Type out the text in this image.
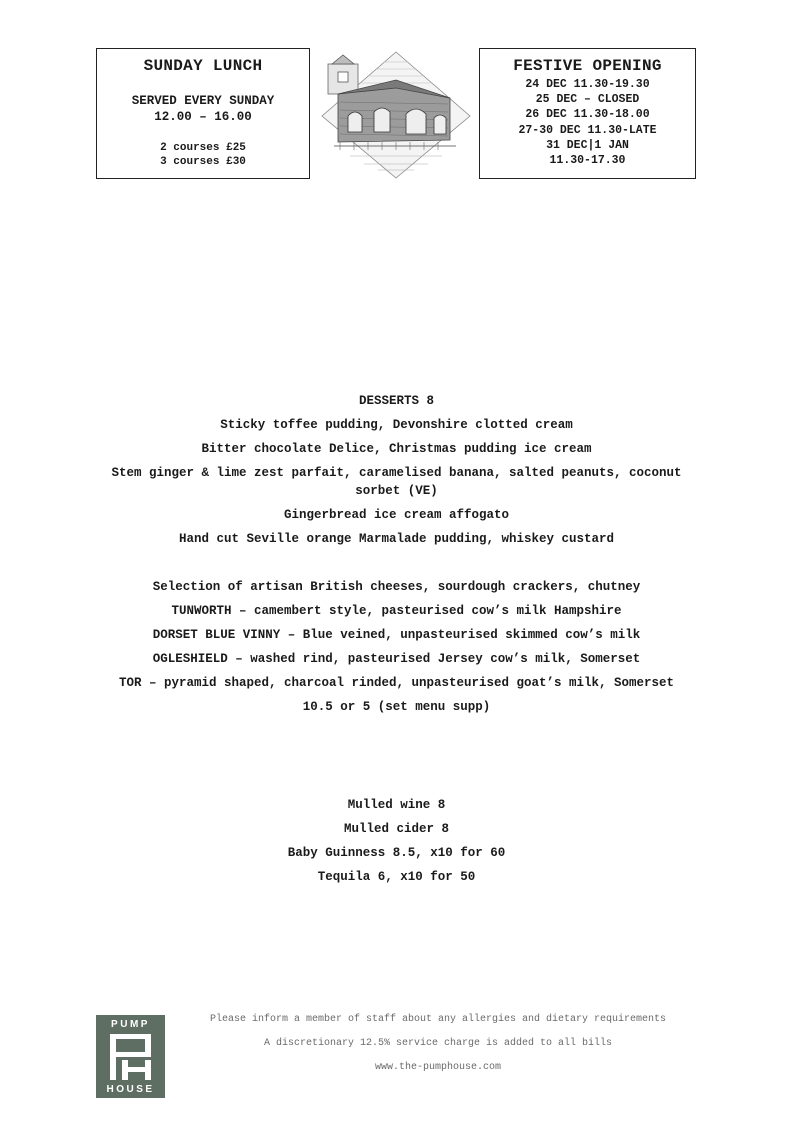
SUNDAY LUNCH
SERVED EVERY SUNDAY
12.00 – 16.00
2 courses £25
3 courses £30
FESTIVE OPENING
24 DEC 11.30-19.30
25 DEC – CLOSED
26 DEC 11.30-18.00
27-30 DEC 11.30-LATE
31 DEC|1 JAN
11.30-17.30
DESSERTS 8
Sticky toffee pudding, Devonshire clotted cream
Bitter chocolate Delice, Christmas pudding ice cream
Stem ginger & lime zest parfait, caramelised banana, salted peanuts, coconut sorbet (VE)
Gingerbread ice cream affogato
Hand cut Seville orange Marmalade pudding, whiskey custard
Selection of artisan British cheeses, sourdough crackers, chutney
TUNWORTH – camembert style, pasteurised cow’s milk Hampshire
DORSET BLUE VINNY – Blue veined, unpasteurised skimmed cow’s milk
OGLESHIELD – washed rind, pasteurised Jersey cow’s milk, Somerset
TOR – pyramid shaped, charcoal rinded, unpasteurised goat’s milk, Somerset
10.5 or 5 (set menu supp)
Mulled wine 8
Mulled cider 8
Baby Guinness 8.5, x10 for 60
Tequila 6, x10 for 50
PUMP
HOUSE
Please inform a member of staff about any allergies and dietary requirements
A discretionary 12.5% service charge is added to all bills
www.the-pumphouse.com
